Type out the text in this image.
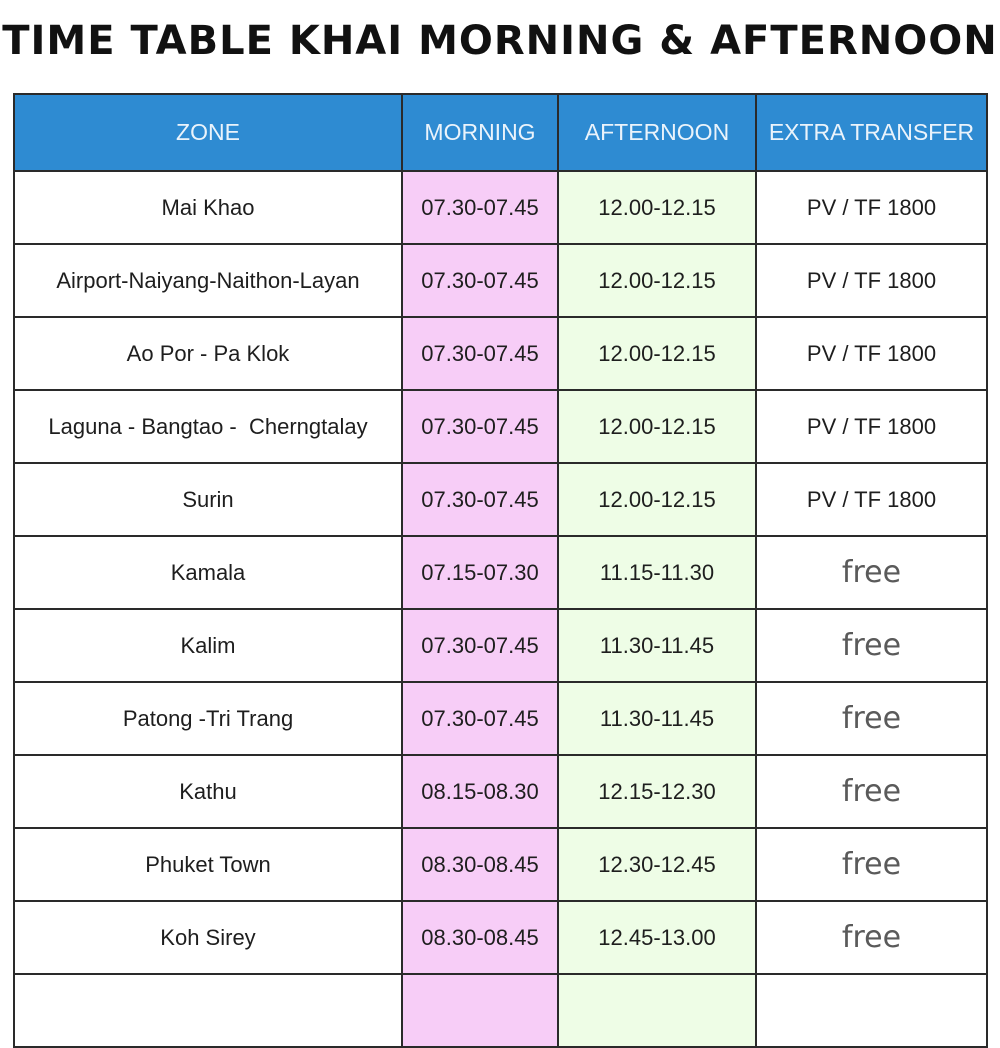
TIME TABLE KHAI MORNING & AFTERNOON
ZONE	MORNING	AFTERNOON	EXTRA TRANSFER
Mai Khao	07.30-07.45	12.00-12.15	PV / TF 1800
Airport-Naiyang-Naithon-Layan	07.30-07.45	12.00-12.15	PV / TF 1800
Ao Por - Pa Klok	07.30-07.45	12.00-12.15	PV / TF 1800
Laguna - Bangtao -  Cherngtalay	07.30-07.45	12.00-12.15	PV / TF 1800
Surin	07.30-07.45	12.00-12.15	PV / TF 1800
Kamala	07.15-07.30	11.15-11.30	free
Kalim	07.30-07.45	11.30-11.45	free
Patong -Tri Trang	07.30-07.45	11.30-11.45	free
Kathu	08.15-08.30	12.15-12.30	free
Phuket Town	08.30-08.45	12.30-12.45	free
Koh Sirey	08.30-08.45	12.45-13.00	free
